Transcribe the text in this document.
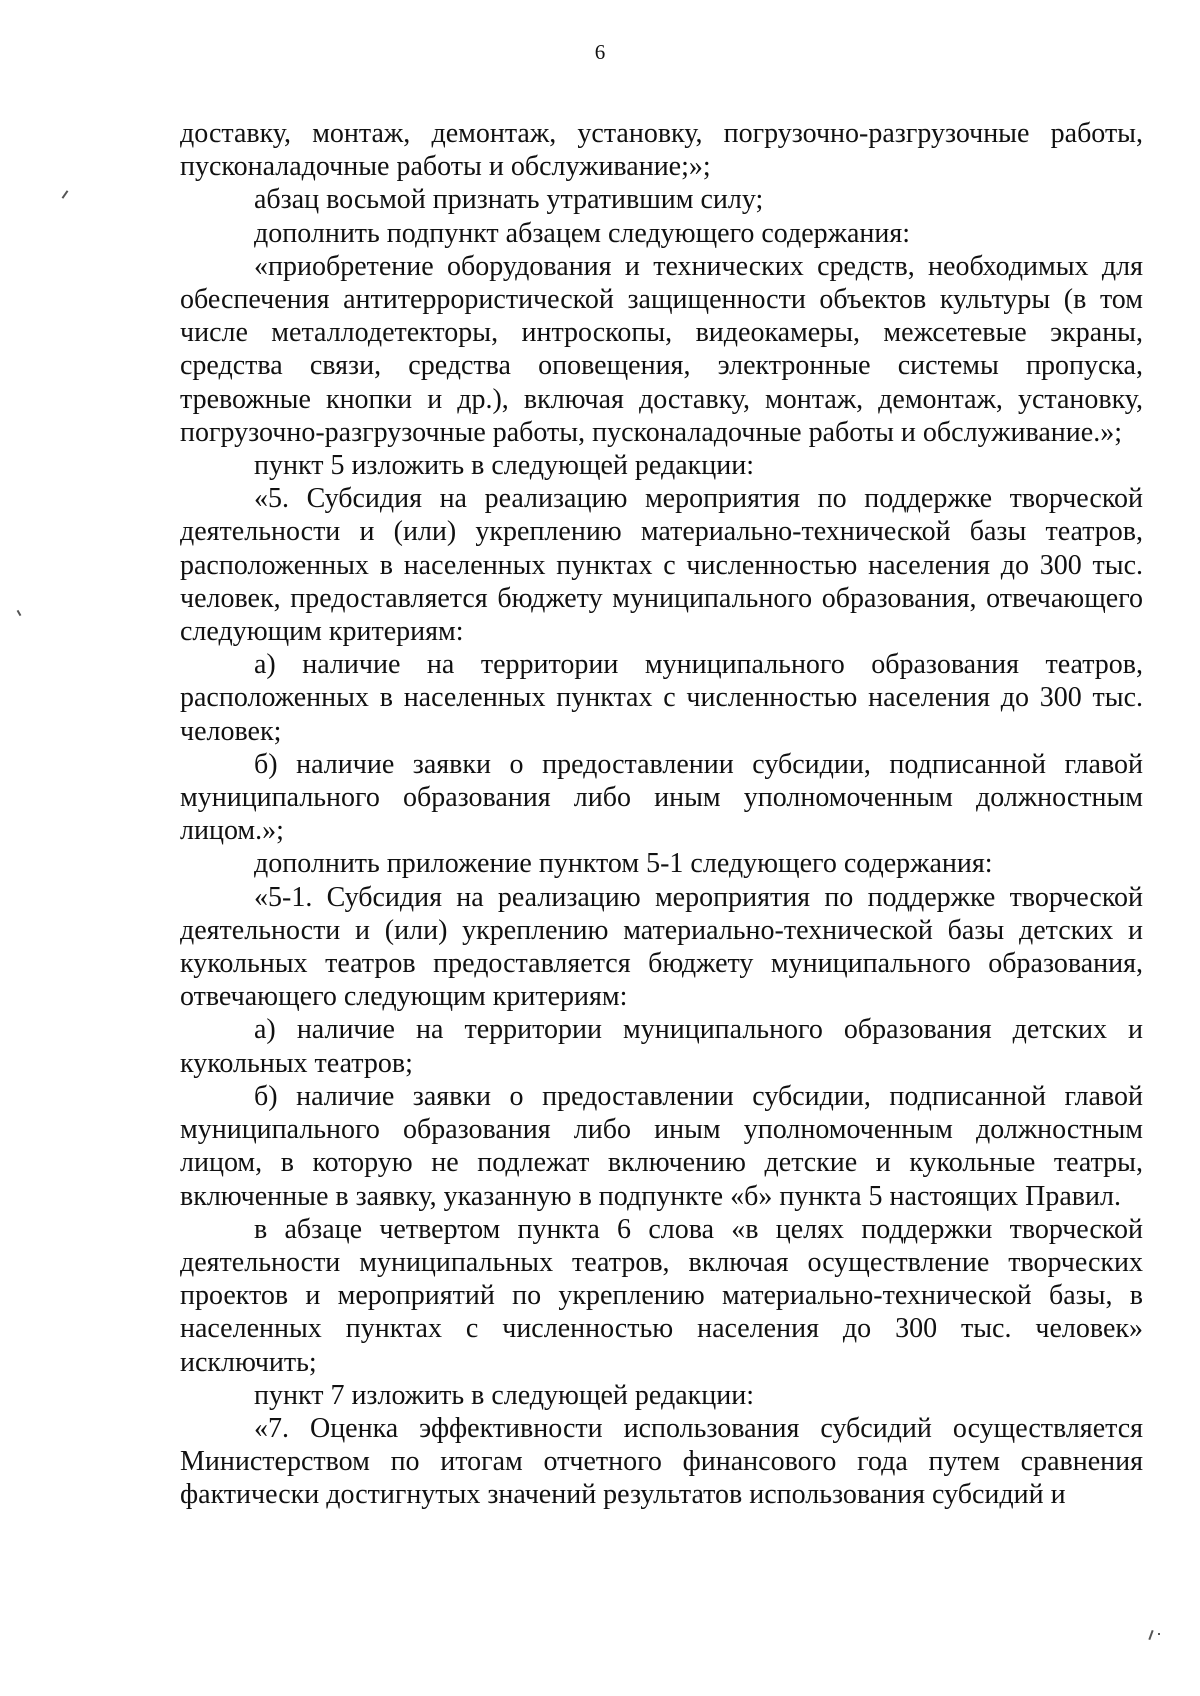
6

доставку, монтаж, демонтаж, установку, погрузочно-разгрузочные работы, пусконаладочные работы и обслуживание;»;

абзац восьмой признать утратившим силу;

дополнить подпункт абзацем следующего содержания:

«приобретение оборудования и технических средств, необходимых для обеспечения антитеррористической защищенности объектов культуры (в том числе металлодетекторы, интроскопы, видеокамеры, межсетевые экраны, средства связи, средства оповещения, электронные системы пропуска, тревожные кнопки и др.), включая доставку, монтаж, демонтаж, установку, погрузочно-разгрузочные работы, пусконаладочные работы и обслуживание.»;

пункт 5 изложить в следующей редакции:

«5. Субсидия на реализацию мероприятия по поддержке творческой деятельности и (или) укреплению материально-технической базы театров, расположенных в населенных пунктах с численностью населения до 300 тыс. человек, предоставляется бюджету муниципального образования, отвечающего следующим критериям:

а) наличие на территории муниципального образования театров, расположенных в населенных пунктах с численностью населения до 300 тыс. человек;

б) наличие заявки о предоставлении субсидии, подписанной главой муниципального образования либо иным уполномоченным должностным лицом.»;

дополнить приложение пунктом 5-1 следующего содержания:

«5-1. Субсидия на реализацию мероприятия по поддержке творческой деятельности и (или) укреплению материально-технической базы детских и кукольных театров предоставляется бюджету муниципального образования, отвечающего следующим критериям:

а) наличие на территории муниципального образования детских и кукольных театров;

б) наличие заявки о предоставлении субсидии, подписанной главой муниципального образования либо иным уполномоченным должностным лицом, в которую не подлежат включению детские и кукольные театры, включенные в заявку, указанную в подпункте «б» пункта 5 настоящих Правил.

в абзаце четвертом пункта 6 слова «в целях поддержки творческой деятельности муниципальных театров, включая осуществление творческих проектов и мероприятий по укреплению материально-технической базы, в населенных пунктах с численностью населения до 300 тыс. человек» исключить;

пункт 7 изложить в следующей редакции:

«7. Оценка эффективности использования субсидий осуществляется Министерством по итогам отчетного финансового года путем сравнения фактически достигнутых значений результатов использования субсидий и
